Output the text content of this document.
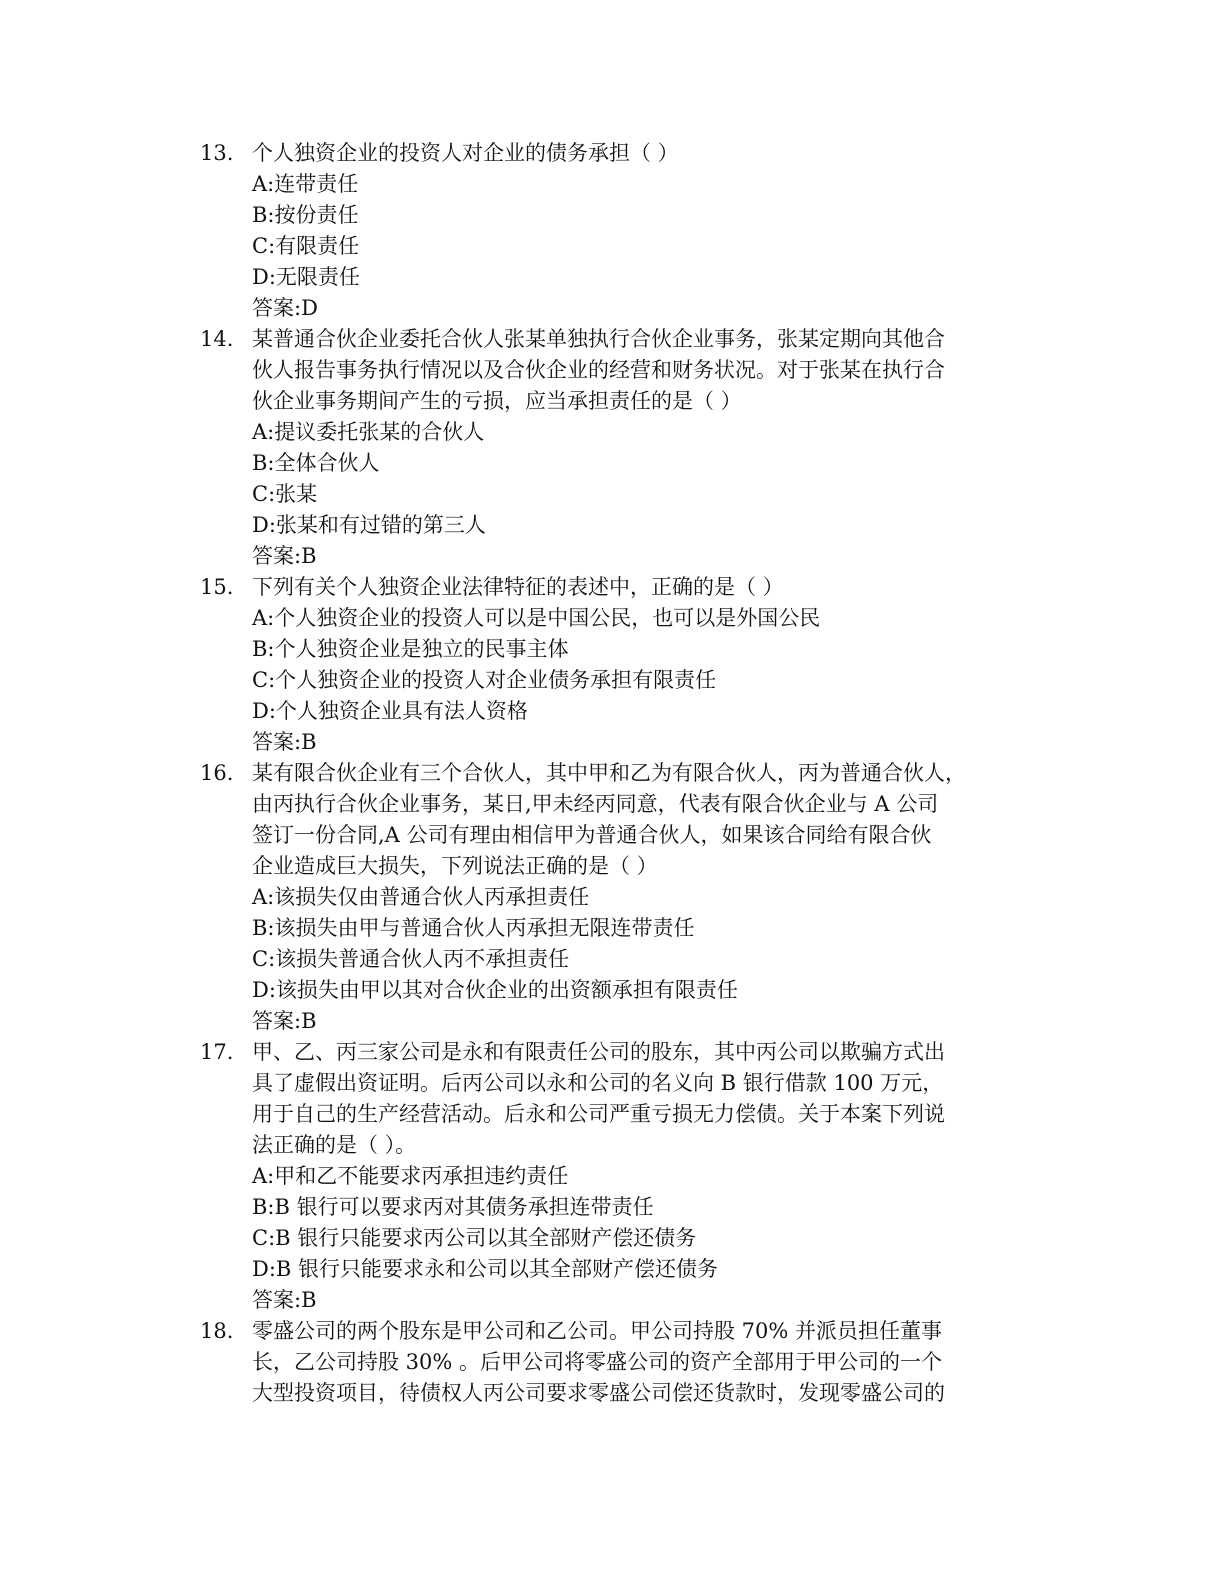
13. 个人独资企业的投资人对企业的债务承担（ ）
A:连带责任
B:按份责任
C:有限责任
D:无限责任
答案:D
14. 某普通合伙企业委托合伙人张某单独执行合伙企业事务，张某定期向其他合
伙人报告事务执行情况以及合伙企业的经营和财务状况。对于张某在执行合
伙企业事务期间产生的亏损，应当承担责任的是（ ）
A:提议委托张某的合伙人
B:全体合伙人
C:张某
D:张某和有过错的第三人
答案:B
15. 下列有关个人独资企业法律特征的表述中，正确的是（ ）
A:个人独资企业的投资人可以是中国公民，也可以是外国公民
B:个人独资企业是独立的民事主体
C:个人独资企业的投资人对企业债务承担有限责任
D:个人独资企业具有法人资格
答案:B
16. 某有限合伙企业有三个合伙人，其中甲和乙为有限合伙人，丙为普通合伙人，
由丙执行合伙企业事务，某日,甲未经丙同意，代表有限合伙企业与 A 公司
签订一份合同,A 公司有理由相信甲为普通合伙人，如果该合同给有限合伙
企业造成巨大损失，下列说法正确的是（ ）
A:该损失仅由普通合伙人丙承担责任
B:该损失由甲与普通合伙人丙承担无限连带责任
C:该损失普通合伙人丙不承担责任
D:该损失由甲以其对合伙企业的出资额承担有限责任
答案:B
17. 甲、乙、丙三家公司是永和有限责任公司的股东，其中丙公司以欺骗方式出
具了虚假出资证明。后丙公司以永和公司的名义向 B 银行借款 100 万元，
用于自己的生产经营活动。后永和公司严重亏损无力偿债。关于本案下列说
法正确的是（ ）。
A:甲和乙不能要求丙承担违约责任
B:B 银行可以要求丙对其债务承担连带责任
C:B 银行只能要求丙公司以其全部财产偿还债务
D:B 银行只能要求永和公司以其全部财产偿还债务
答案:B
18. 零盛公司的两个股东是甲公司和乙公司。甲公司持股 70% 并派员担任董事
长，乙公司持股 30% 。后甲公司将零盛公司的资产全部用于甲公司的一个
大型投资项目，待债权人丙公司要求零盛公司偿还货款时，发现零盛公司的
